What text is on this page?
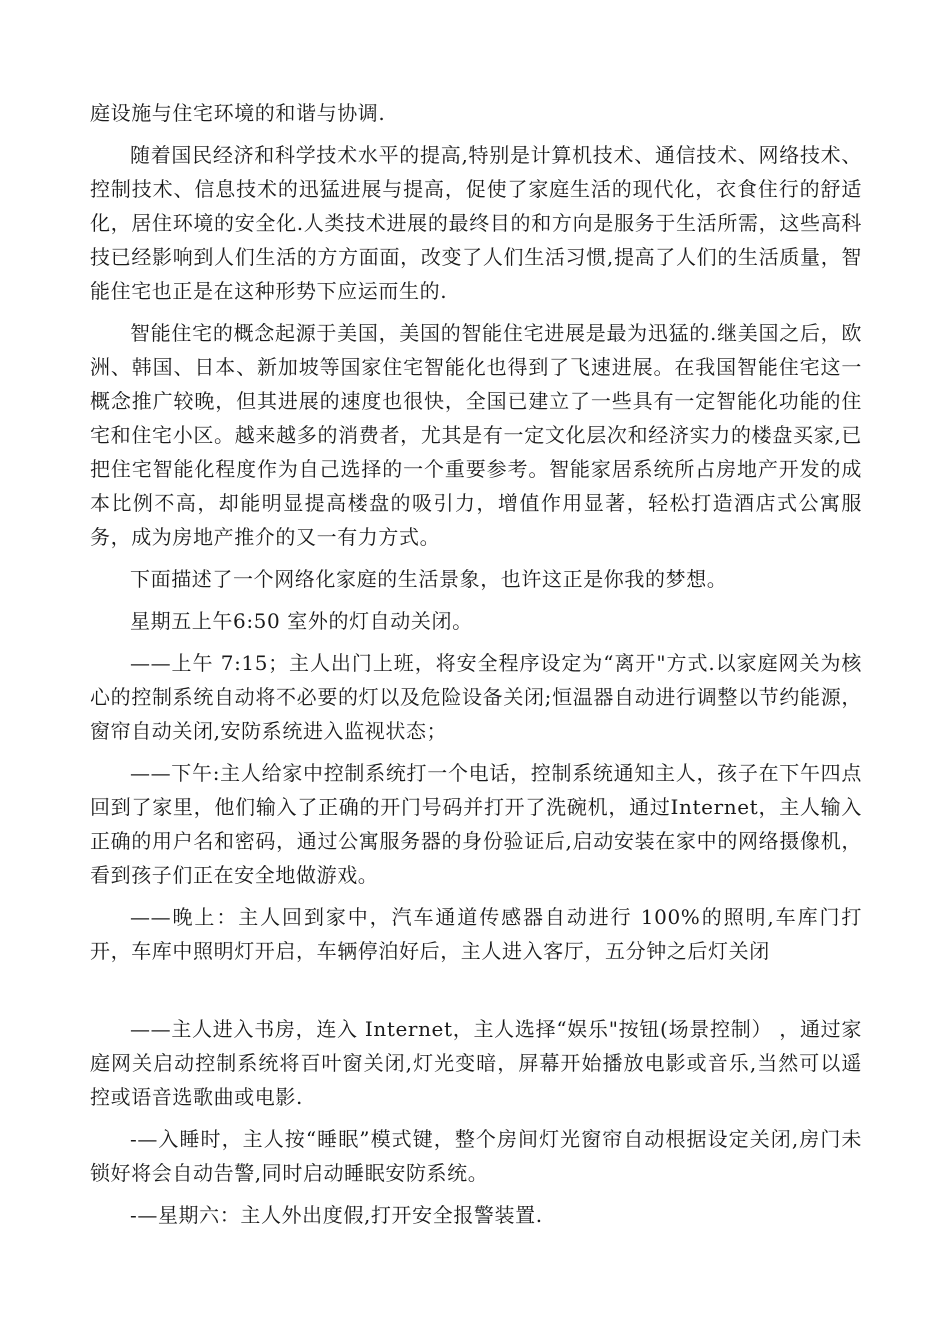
庭设施与住宅环境的和谐与协调.

随着国民经济和科学技术水平的提高,特别是计算机技术、通信技术、网络技术、控制技术、信息技术的迅猛进展与提高，促使了家庭生活的现代化，衣食住行的舒适化，居住环境的安全化.人类技术进展的最终目的和方向是服务于生活所需，这些高科技已经影响到人们生活的方方面面，改变了人们生活习惯,提高了人们的生活质量，智能住宅也正是在这种形势下应运而生的.

智能住宅的概念起源于美国，美国的智能住宅进展是最为迅猛的.继美国之后，欧洲、韩国、日本、新加坡等国家住宅智能化也得到了飞速进展。在我国智能住宅这一概念推广较晚，但其进展的速度也很快，全国已建立了一些具有一定智能化功能的住宅和住宅小区。越来越多的消费者，尤其是有一定文化层次和经济实力的楼盘买家,已把住宅智能化程度作为自己选择的一个重要参考。智能家居系统所占房地产开发的成本比例不高，却能明显提高楼盘的吸引力，增值作用显著，轻松打造酒店式公寓服务，成为房地产推介的又一有力方式。

下面描述了一个网络化家庭的生活景象，也许这正是你我的梦想。

星期五上午6:50 室外的灯自动关闭。

——上午 7:15；主人出门上班，将安全程序设定为“离开"方式.以家庭网关为核心的控制系统自动将不必要的灯以及危险设备关闭;恒温器自动进行调整以节约能源，窗帘自动关闭,安防系统进入监视状态；

——下午:主人给家中控制系统打一个电话，控制系统通知主人，孩子在下午四点回到了家里，他们输入了正确的开门号码并打开了洗碗机，通过Internet，主人输入正确的用户名和密码，通过公寓服务器的身份验证后,启动安装在家中的网络摄像机，看到孩子们正在安全地做游戏。

——晚上：主人回到家中，汽车通道传感器自动进行 100%的照明,车库门打开，车库中照明灯开启，车辆停泊好后，主人进入客厅，五分钟之后灯关闭

——主人进入书房，连入 Internet，主人选择“娱乐"按钮(场景控制） ，通过家庭网关启动控制系统将百叶窗关闭,灯光变暗，屏幕开始播放电影或音乐,当然可以遥控或语音选歌曲或电影.

-—入睡时，主人按“睡眠”模式键，整个房间灯光窗帘自动根据设定关闭,房门未锁好将会自动告警,同时启动睡眠安防系统。

-—星期六：主人外出度假,打开安全报警装置.
